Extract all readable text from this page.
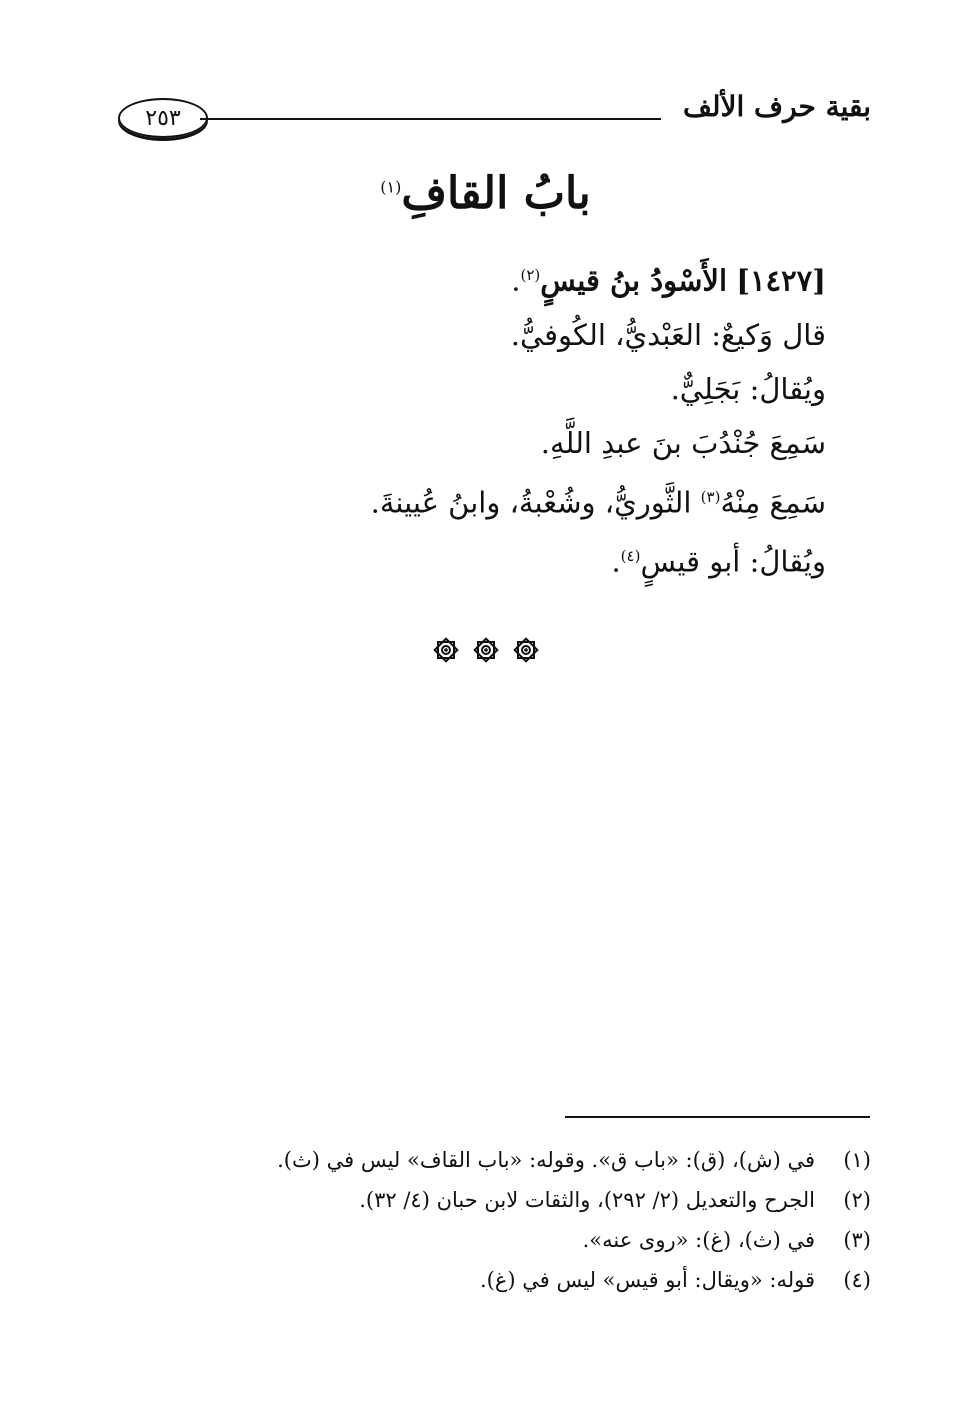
بقية حرف الألف
٢٥٣
بابُ القافِ$^{(١)}$
[١٤٢٧] الأَسْودُ بنُ قيسٍ$^{(٢)}$.
قال وَكيعٌ: العَبْديُّ، الكُوفيُّ.
ويُقالُ: بَجَلِيٌّ.
سَمِعَ جُنْدُبَ بنَ عبدِ اللَّهِ.
سَمِعَ مِنْهُ$^{(٣)}$ الثَّوريُّ، وشُعْبةُ، وابنُ عُيينةَ.
ويُقالُ: أبو قيسٍ$^{(٤)}$.
(١)
في (ش)، (ق): «باب ق». وقوله: «باب القاف» ليس في (ث).
(٢)
الجرح والتعديل (٢/ ٢٩٢)، والثقات لابن حبان (٤/ ٣٢).
(٣)
في (ث)، (غ): «روى عنه».
(٤)
قوله: «ويقال: أبو قيس» ليس في (غ).
